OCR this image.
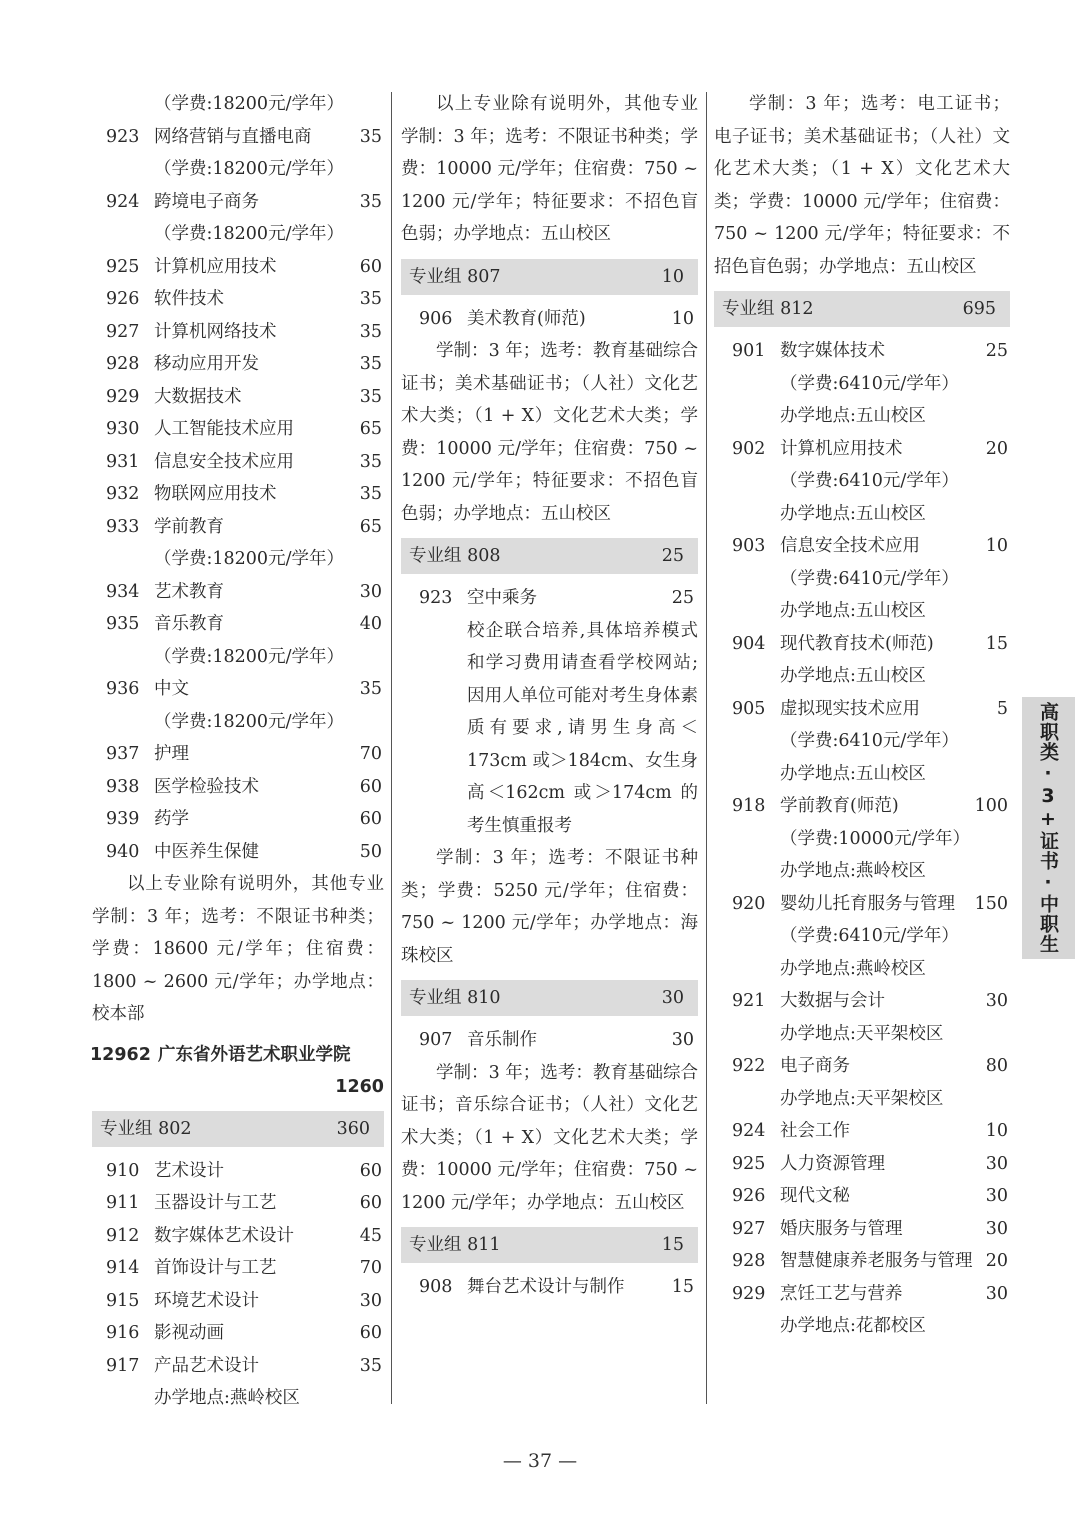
（学费:18200元/学年）
923 网络营销与直播电商	35
（学费:18200元/学年）
924 跨境电子商务	35
（学费:18200元/学年）
925 计算机应用技术	60
926 软件技术	35
927 计算机网络技术	35
928 移动应用开发	35
929 大数据技术	35
930 人工智能技术应用	65
931 信息安全技术应用	35
932 物联网应用技术	35
933 学前教育	65
（学费:18200元/学年）
934 艺术教育	30
935 音乐教育	40
（学费:18200元/学年）
936 中文	35
（学费:18200元/学年）
937 护理	70
938 医学检验技术	60
939 药学	60
940 中医养生保健	50
以上专业除有说明外，其他专业学制：3 年；选考：不限证书种类；学费：18600 元/学年；住宿费：1800 ~ 2600 元/学年；办学地点：校本部
12962 广东省外语艺术职业学院
1260
专业组 802	360
910 艺术设计	60
911 玉器设计与工艺	60
912 数字媒体艺术设计	45
914 首饰设计与工艺	70
915 环境艺术设计	30
916 影视动画	60
917 产品艺术设计	35
办学地点:燕岭校区
以上专业除有说明外，其他专业学制：3 年；选考：不限证书种类；学费：10000 元/学年；住宿费：750 ~ 1200 元/学年；特征要求：不招色盲色弱；办学地点：五山校区
专业组 807	10
906 美术教育(师范)	10
学制：3 年；选考：教育基础综合证书；美术基础证书；（人社）文化艺术大类；（1 + X）文化艺术大类；学费：10000 元/学年；住宿费：750 ~ 1200 元/学年；特征要求：不招色盲色弱；办学地点：五山校区
专业组 808	25
923 空中乘务	25
校企联合培养,具体培养模式和学习费用请查看学校网站;因用人单位可能对考生身体素质有要求,请男生身高＜173cm 或＞184cm、女生身高＜162cm 或＞174cm 的考生慎重报考
学制：3 年；选考：不限证书种类；学费：5250 元/学年；住宿费：750 ~ 1200 元/学年；办学地点：海珠校区
专业组 810	30
907 音乐制作	30
学制：3 年；选考：教育基础综合证书；音乐综合证书；（人社）文化艺术大类；（1 + X）文化艺术大类；学费：10000 元/学年；住宿费：750 ~ 1200 元/学年；办学地点：五山校区
专业组 811	15
908 舞台艺术设计与制作	15
学制：3 年；选考：电工证书；电子证书；美术基础证书；（人社）文化艺术大类；（1 + X）文化艺术大类；学费：10000 元/学年；住宿费：750 ~ 1200 元/学年；特征要求：不招色盲色弱；办学地点：五山校区
专业组 812	695
901 数字媒体技术	25
（学费:6410元/学年）
办学地点:五山校区
902 计算机应用技术	20
（学费:6410元/学年）
办学地点:五山校区
903 信息安全技术应用	10
（学费:6410元/学年）
办学地点:五山校区
904 现代教育技术(师范)	15
办学地点:五山校区
905 虚拟现实技术应用	5
（学费:6410元/学年）
办学地点:五山校区
918 学前教育(师范)	100
（学费:10000元/学年）
办学地点:燕岭校区
920 婴幼儿托育服务与管理 150
（学费:6410元/学年）
办学地点:燕岭校区
921 大数据与会计	30
办学地点:天平架校区
922 电子商务	80
办学地点:天平架校区
924 社会工作	10
925 人力资源管理	30
926 现代文秘	30
927 婚庆服务与管理	30
928 智慧健康养老服务与管理 20
929 烹饪工艺与营养	30
办学地点:花都校区
高职类·3+证书·中职生
— 37 —
